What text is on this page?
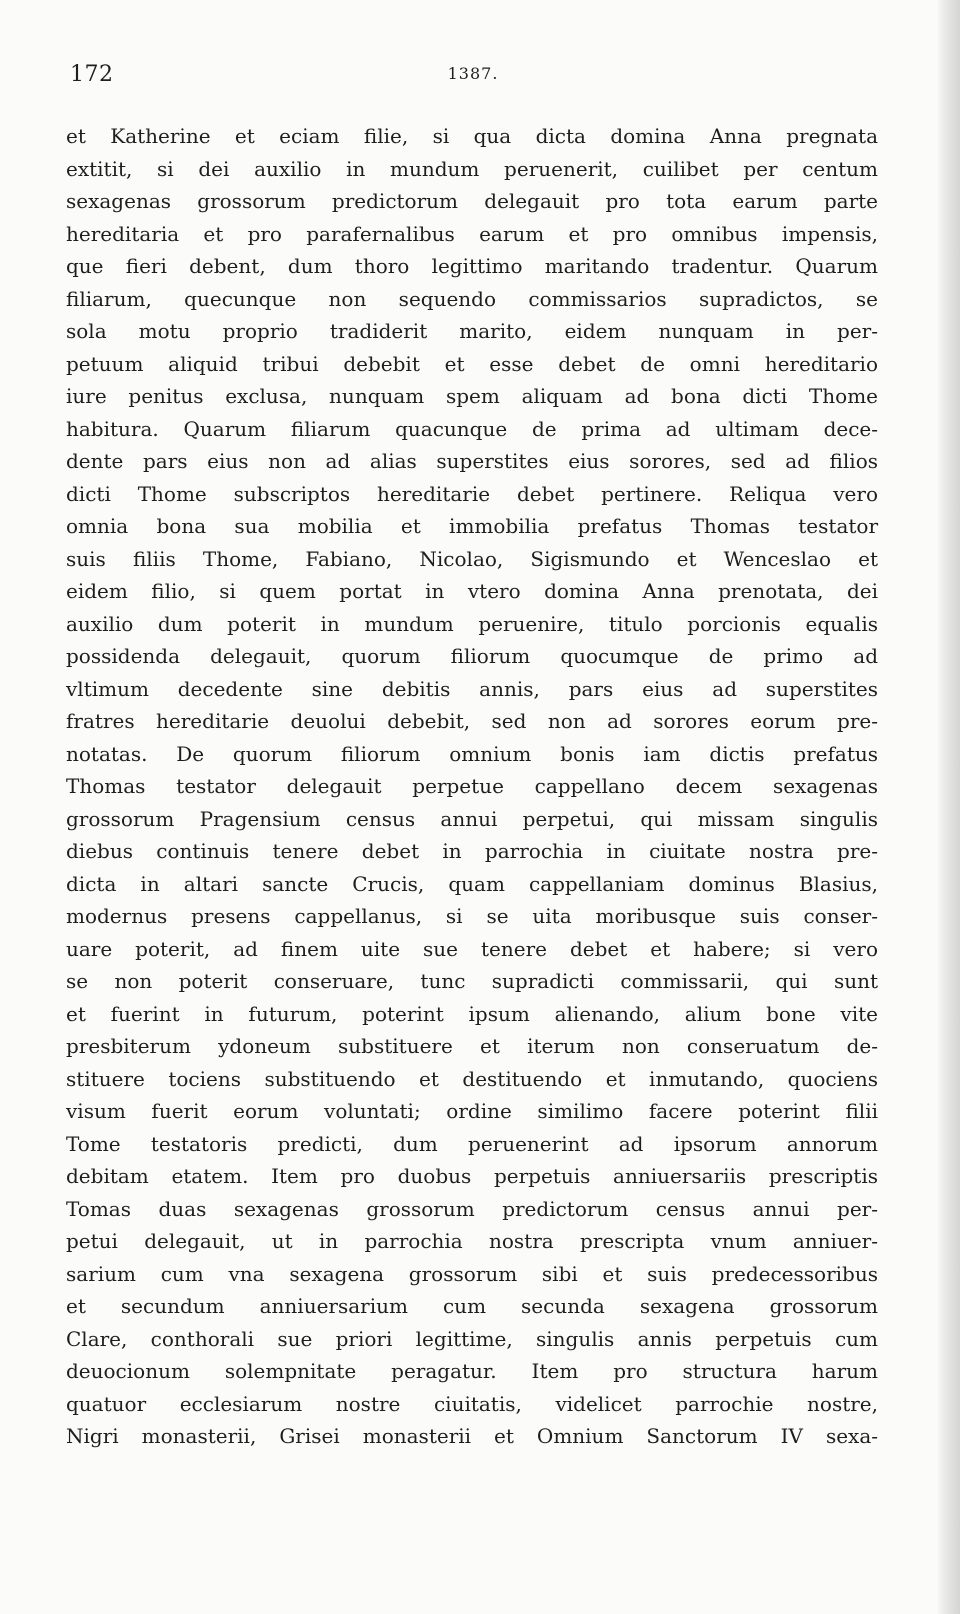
172	1387.
et Katherine et eciam filie, si qua dicta domina Anna pregnata
extitit, si dei auxilio in mundum peruenerit, cuilibet per centum
sexagenas grossorum predictorum delegauit pro tota earum parte
hereditaria et pro parafernalibus earum et pro omnibus impensis,
que fieri debent, dum thoro legittimo maritando tradentur. Quarum
filiarum, quecunque non sequendo commissarios supradictos, se
sola motu proprio tradiderit marito, eidem nunquam in per-
petuum aliquid tribui debebit et esse debet de omni hereditario
iure penitus exclusa, nunquam spem aliquam ad bona dicti Thome
habitura. Quarum filiarum quacunque de prima ad ultimam dece-
dente pars eius non ad alias superstites eius sorores, sed ad filios
dicti Thome subscriptos hereditarie debet pertinere. Reliqua vero
omnia bona sua mobilia et immobilia prefatus Thomas testator
suis filiis Thome, Fabiano, Nicolao, Sigismundo et Wenceslao et
eidem filio, si quem portat in vtero domina Anna prenotata, dei
auxilio dum poterit in mundum peruenire, titulo porcionis equalis
possidenda delegauit, quorum filiorum quocumque de primo ad
vltimum decedente sine debitis annis, pars eius ad superstites
fratres hereditarie deuolui debebit, sed non ad sorores eorum pre-
notatas. De quorum filiorum omnium bonis iam dictis prefatus
Thomas testator delegauit perpetue cappellano decem sexagenas
grossorum Pragensium census annui perpetui, qui missam singulis
diebus continuis tenere debet in parrochia in ciuitate nostra pre-
dicta in altari sancte Crucis, quam cappellaniam dominus Blasius,
modernus presens cappellanus, si se uita moribusque suis conser-
uare poterit, ad finem uite sue tenere debet et habere; si vero
se non poterit conseruare, tunc supradicti commissarii, qui sunt
et fuerint in futurum, poterint ipsum alienando, alium bone vite
presbiterum ydoneum substituere et iterum non conseruatum de-
stituere tociens substituendo et destituendo et inmutando, quociens
visum fuerit eorum voluntati; ordine similimo facere poterint filii
Tome testatoris predicti, dum peruenerint ad ipsorum annorum
debitam etatem. Item pro duobus perpetuis anniuersariis prescriptis
Tomas duas sexagenas grossorum predictorum census annui per-
petui delegauit, ut in parrochia nostra prescripta vnum anniuer-
sarium cum vna sexagena grossorum sibi et suis predecessoribus
et secundum anniuersarium cum secunda sexagena grossorum
Clare, conthorali sue priori legittime, singulis annis perpetuis cum
deuocionum solempnitate peragatur. Item pro structura harum
quatuor ecclesiarum nostre ciuitatis, videlicet parrochie nostre,
Nigri monasterii, Grisei monasterii et Omnium Sanctorum IV sexa-
